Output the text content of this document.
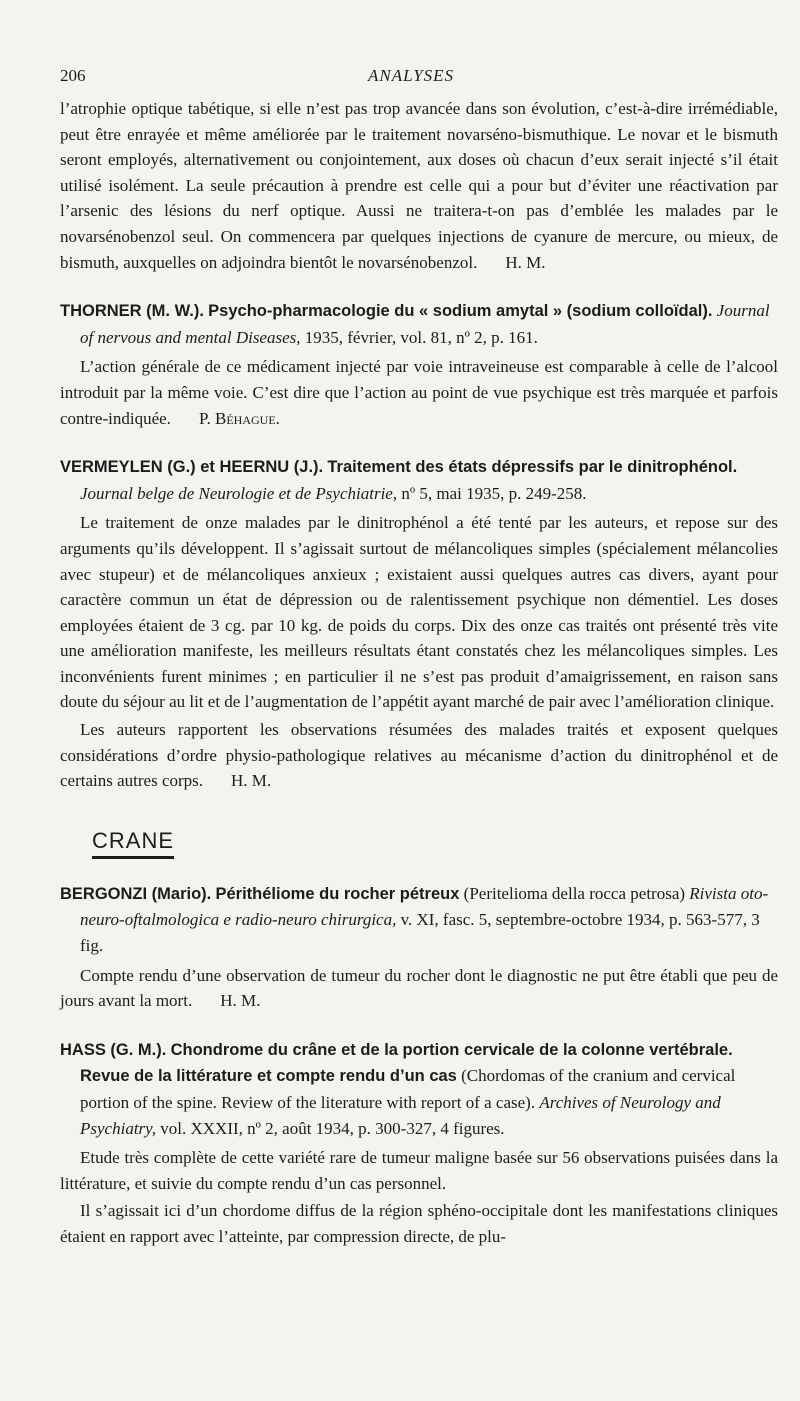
206	ANALYSES

l’atrophie optique tabétique, si elle n’est pas trop avancée dans son évolution, c’est-à-dire irrémédiable, peut être enrayée et même améliorée par le traitement novarséno-bismuthique. Le novar et le bismuth seront employés, alternativement ou conjointement, aux doses où chacun d’eux serait injecté s’il était utilisé isolément. La seule précaution à prendre est celle qui a pour but d’éviter une réactivation par l’arsenic des lésions du nerf optique. Aussi ne traitera-t-on pas d’emblée les malades par le novarsénobenzol seul. On commencera par quelques injections de cyanure de mercure, ou mieux, de bismuth, auxquelles on adjoindra bientôt le novarsénobenzol. H. M.

THORNER (M. W.). Psycho-pharmacologie du « sodium amytal » (sodium colloïdal). Journal of nervous and mental Diseases, 1935, février, vol. 81, nº 2, p. 161.

L’action générale de ce médicament injecté par voie intraveineuse est comparable à celle de l’alcool introduit par la même voie. C’est dire que l’action au point de vue psychique est très marquée et parfois contre-indiquée. P. Béhague.

VERMEYLEN (G.) et HEERNU (J.). Traitement des états dépressifs par le dinitrophénol. Journal belge de Neurologie et de Psychiatrie, nº 5, mai 1935, p. 249-258.

Le traitement de onze malades par le dinitrophénol a été tenté par les auteurs, et repose sur des arguments qu’ils développent. Il s’agissait surtout de mélancoliques simples (spécialement mélancolies avec stupeur) et de mélancoliques anxieux ; existaient aussi quelques autres cas divers, ayant pour caractère commun un état de dépression ou de ralentissement psychique non démentiel. Les doses employées étaient de 3 cg. par 10 kg. de poids du corps. Dix des onze cas traités ont présenté très vite une amélioration manifeste, les meilleurs résultats étant constatés chez les mélancoliques simples. Les inconvénients furent minimes ; en particulier il ne s’est pas produit d’amaigrissement, en raison sans doute du séjour au lit et de l’augmentation de l’appétit ayant marché de pair avec l’amélioration clinique.

Les auteurs rapportent les observations résumées des malades traités et exposent quelques considérations d’ordre physio-pathologique relatives au mécanisme d’action du dinitrophénol et de certains autres corps. H. M.

CRANE

BERGONZI (Mario). Périthéliome du rocher pétreux (Peritelioma della rocca petrosa) Rivista oto-neuro-oftalmologica e radio-neuro chirurgica, v. XI, fasc. 5, septembre-octobre 1934, p. 563-577, 3 fig.

Compte rendu d’une observation de tumeur du rocher dont le diagnostic ne put être établi que peu de jours avant la mort. H. M.

HASS (G. M.). Chondrome du crâne et de la portion cervicale de la colonne vertébrale. Revue de la littérature et compte rendu d’un cas (Chordomas of the cranium and cervical portion of the spine. Review of the literature with report of a case). Archives of Neurology and Psychiatry, vol. XXXII, nº 2, août 1934, p. 300-327, 4 figures.

Etude très complète de cette variété rare de tumeur maligne basée sur 56 observations puisées dans la littérature, et suivie du compte rendu d’un cas personnel.

Il s’agissait ici d’un chordome diffus de la région sphéno-occipitale dont les manifestations cliniques étaient en rapport avec l’atteinte, par compression directe, de plu-
